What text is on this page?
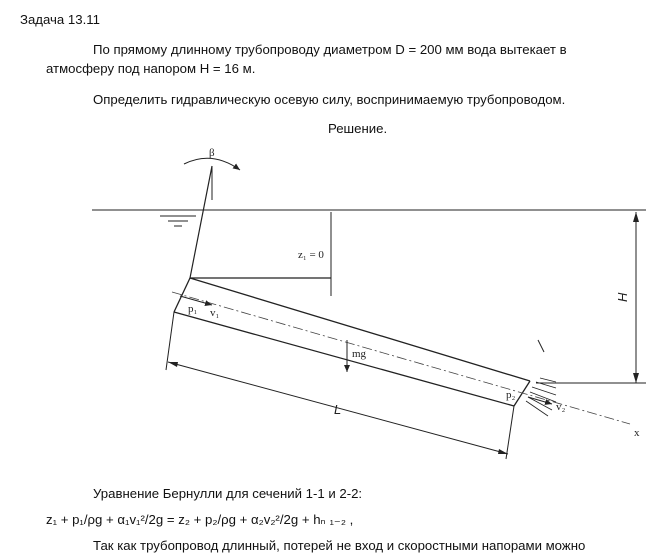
Задача 13.11
По прямому длинному трубопроводу диаметром D = 200 мм вода вытекает в
атмосферу под напором H = 16 м.
Определить гидравлическую осевую силу, воспринимаемую трубопроводом.
Решение.
β
z₁ = 0
H
p₁ v₁
mg
L
p₂
v₂
x
Уравнение Бернулли для сечений 1-1 и 2-2:
z₁ + p₁/ρg + α₁v₁²/2g = z₂ + p₂/ρg + α₂v₂²/2g + hₙ ₁₋₂ ,
Так как трубопровод длинный, потерей не вход и скоростными напорами можно
